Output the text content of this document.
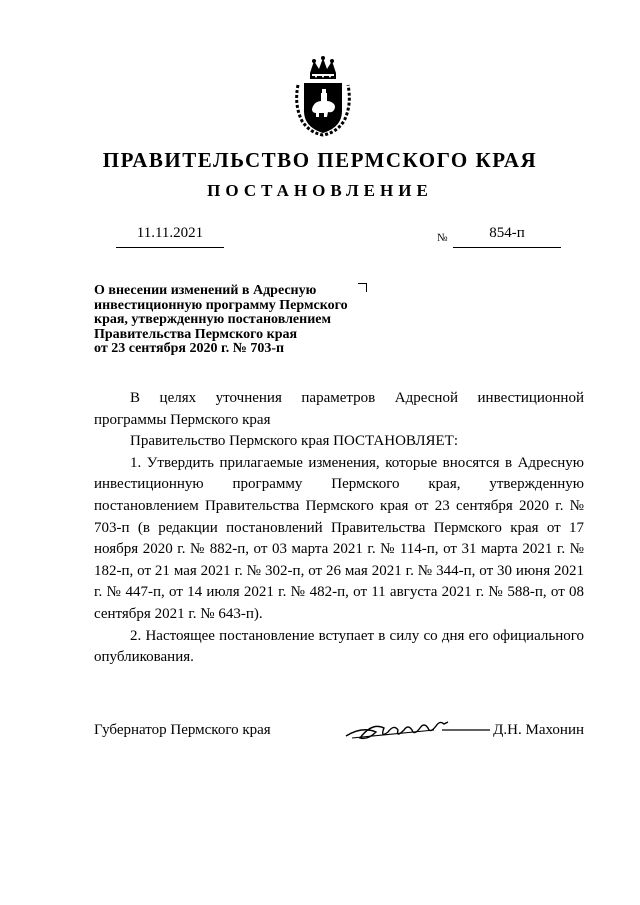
ПРАВИТЕЛЬСТВО ПЕРМСКОГО КРАЯ
ПОСТАНОВЛЕНИЕ
11.11.2021	№	854-п
О внесении изменений в Адресную
инвестиционную программу Пермского
края, утвержденную постановлением
Правительства Пермского края
от 23 сентября 2020 г. № 703-п

В целях уточнения параметров Адресной инвестиционной

программы Пермского края

Правительство Пермского края ПОСТАНОВЛЯЕТ:

1. Утвердить прилагаемые изменения, которые вносятся в Адресную инвестиционную программу Пермского края, утвержденную постановлением Правительства Пермского края от 23 сентября 2020 г. № 703-п (в редакции постановлений Правительства Пермского края от 17 ноября 2020 г. № 882-п, от 03 марта 2021 г. № 114-п, от 31 марта 2021 г. № 182-п, от 21 мая 2021 г. № 302-п, от 26 мая 2021 г. № 344-п, от 30 июня 2021 г. № 447-п, от 14 июля 2021 г. № 482-п, от 11 августа 2021 г. № 588-п, от 08 сентября 2021 г. № 643-п).

2. Настоящее постановление вступает в силу со дня его официального опубликования.

Губернатор Пермского края	Д.Н. Махонин
